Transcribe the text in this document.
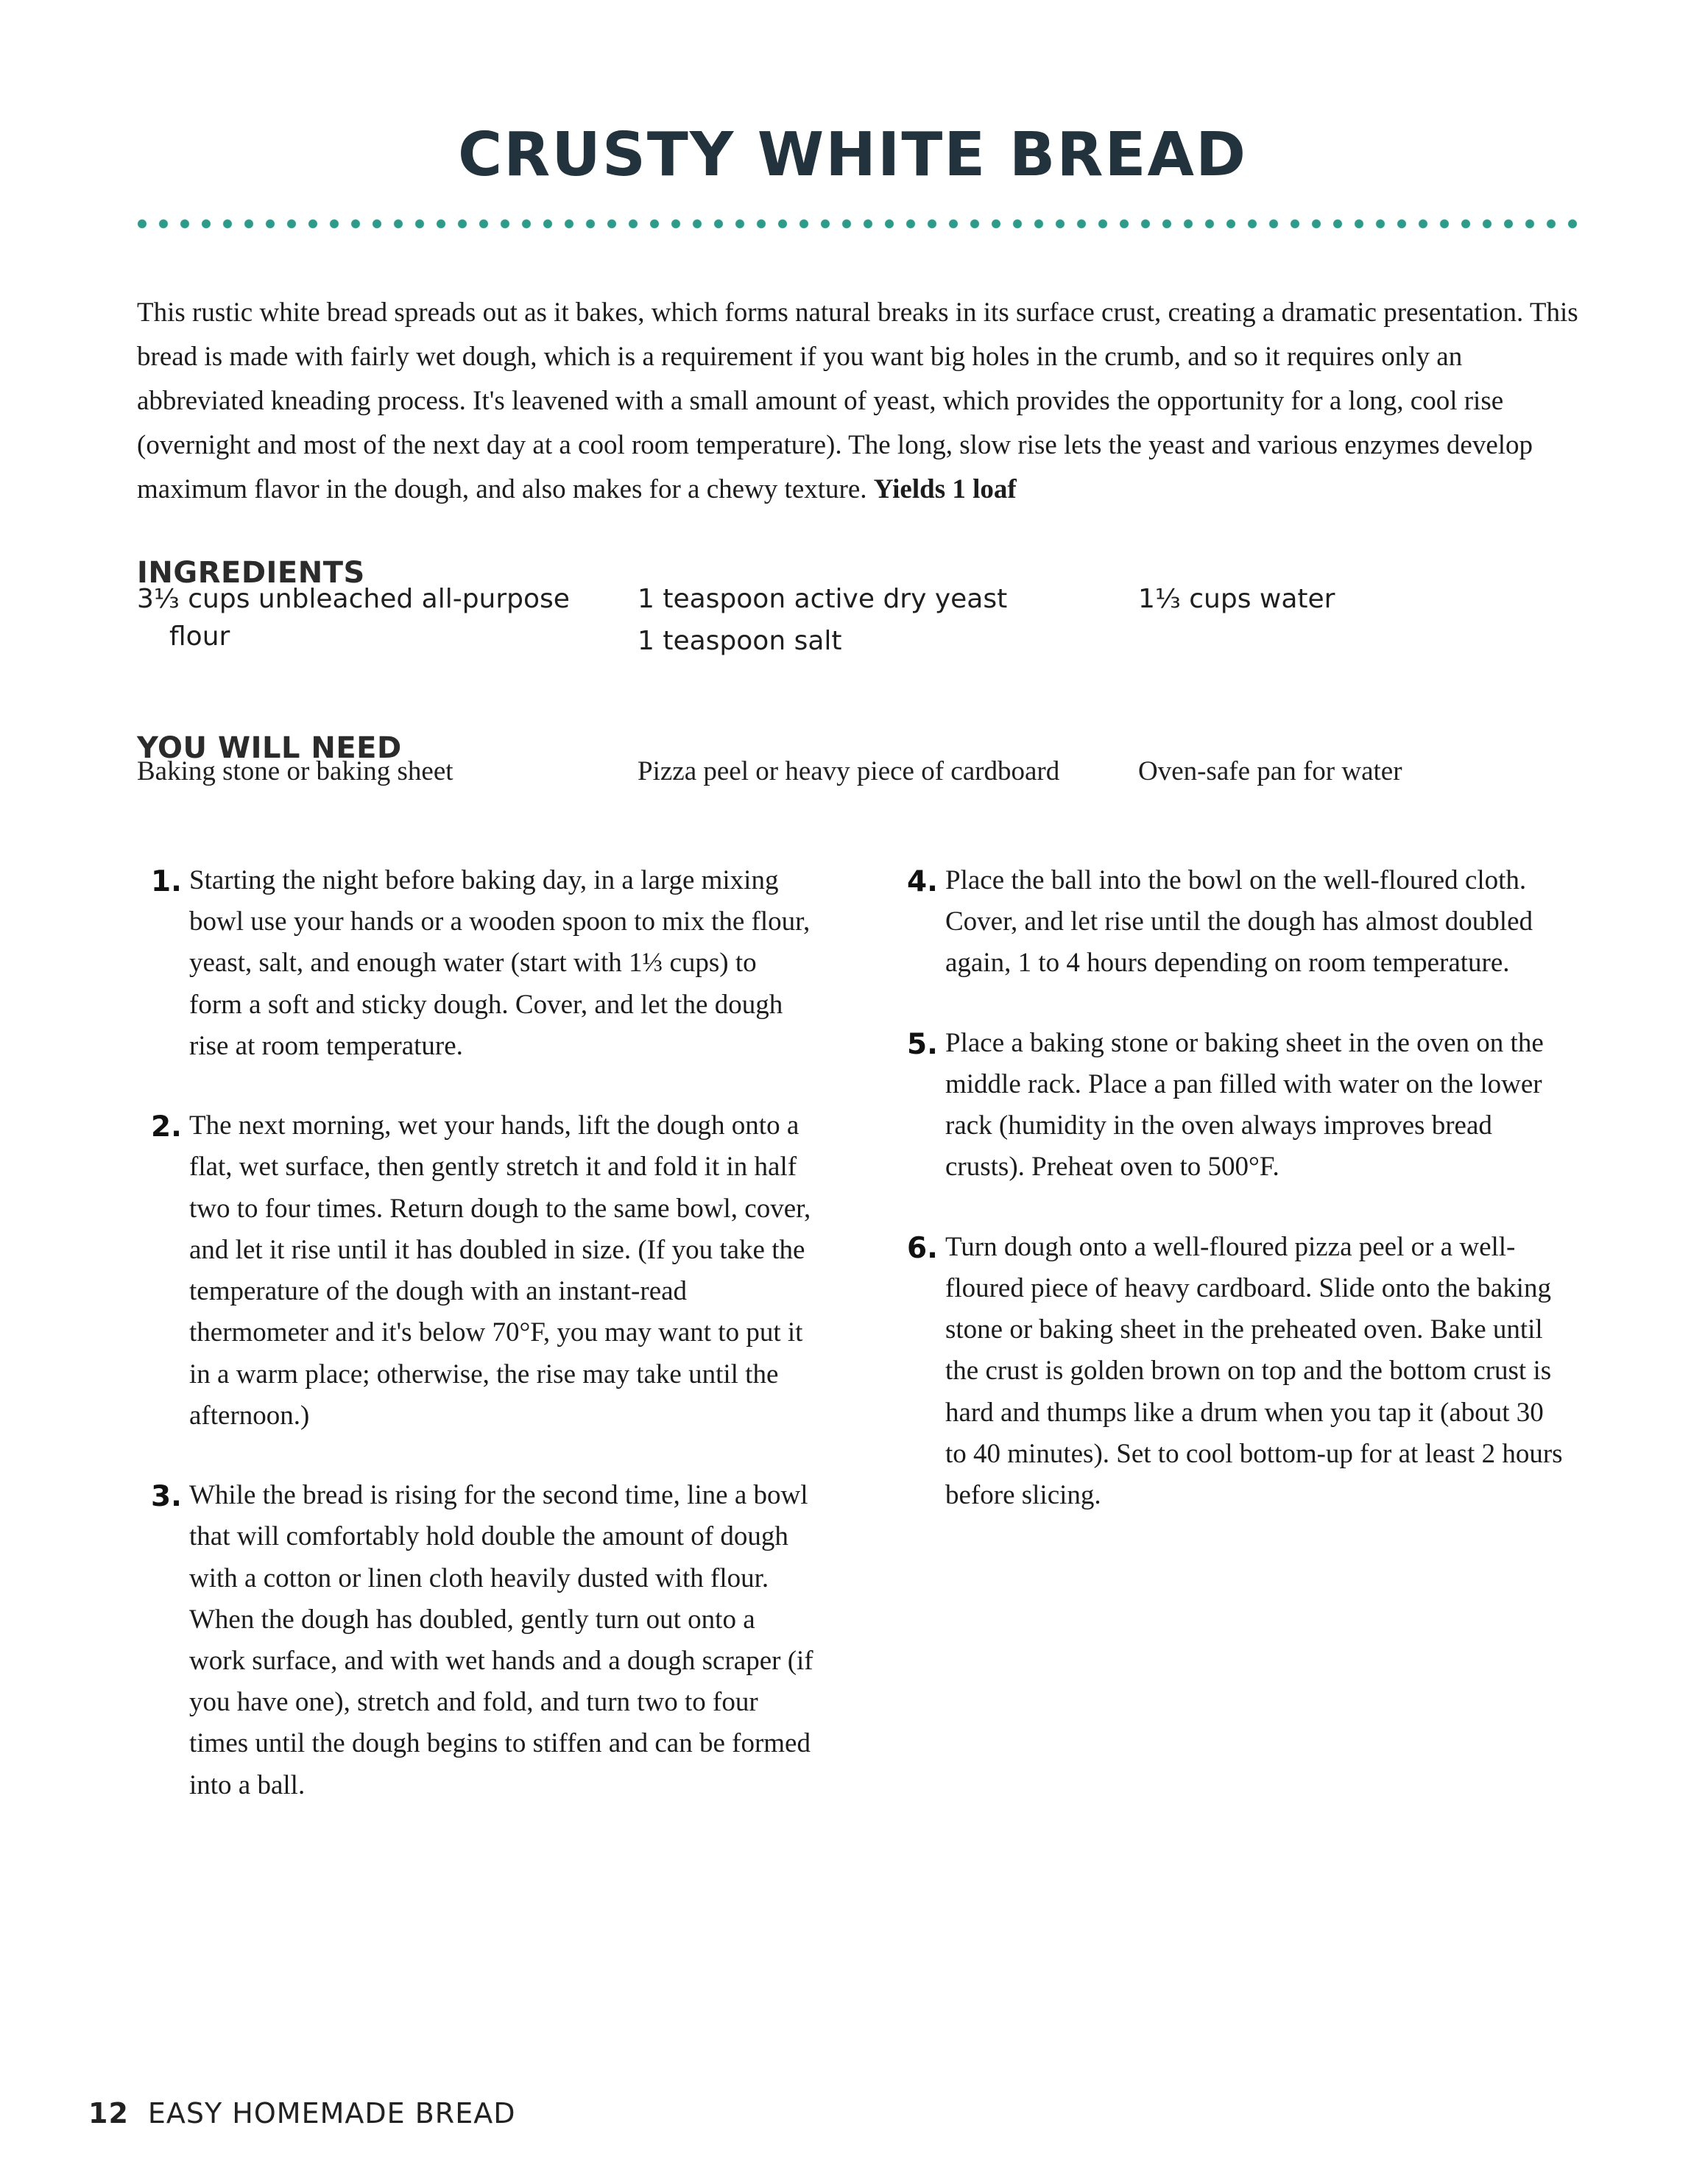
CRUSTY WHITE BREAD

This rustic white bread spreads out as it bakes, which forms natural breaks in its surface crust, creating a dramatic presentation. This bread is made with fairly wet dough, which is a requirement if you want big holes in the crumb, and so it requires only an abbreviated kneading process. It's leavened with a small amount of yeast, which provides the opportunity for a long, cool rise (overnight and most of the next day at a cool room temperature). The long, slow rise lets the yeast and various enzymes develop maximum flavor in the dough, and also makes for a chewy texture. Yields 1 loaf

INGREDIENTS

3⅓ cups unbleached all-purpose flour

1 teaspoon active dry yeast

1 teaspoon salt

1⅓ cups water

YOU WILL NEED

Baking stone or baking sheet	Pizza peel or heavy piece of cardboard	Oven-safe pan for water

1. Starting the night before baking day, in a large mixing bowl use your hands or a wooden spoon to mix the flour, yeast, salt, and enough water (start with 1⅓ cups) to form a soft and sticky dough. Cover, and let the dough rise at room temperature.
2. The next morning, wet your hands, lift the dough onto a flat, wet surface, then gently stretch it and fold it in half two to four times. Return dough to the same bowl, cover, and let it rise until it has doubled in size. (If you take the temperature of the dough with an instant-read thermometer and it's below 70°F, you may want to put it in a warm place; otherwise, the rise may take until the afternoon.)
3. While the bread is rising for the second time, line a bowl that will comfortably hold double the amount of dough with a cotton or linen cloth heavily dusted with flour. When the dough has doubled, gently turn out onto a work surface, and with wet hands and a dough scraper (if you have one), stretch and fold, and turn two to four times until the dough begins to stiffen and can be formed into a ball.
4. Place the ball into the bowl on the well-floured cloth. Cover, and let rise until the dough has almost doubled again, 1 to 4 hours depending on room temperature.
5. Place a baking stone or baking sheet in the oven on the middle rack. Place a pan filled with water on the lower rack (humidity in the oven always improves bread crusts). Preheat oven to 500°F.
6. Turn dough onto a well-floured pizza peel or a well-floured piece of heavy cardboard. Slide onto the baking stone or baking sheet in the preheated oven. Bake until the crust is golden brown on top and the bottom crust is hard and thumps like a drum when you tap it (about 30 to 40 minutes). Set to cool bottom-up for at least 2 hours before slicing.
12 EASY HOMEMADE BREAD
